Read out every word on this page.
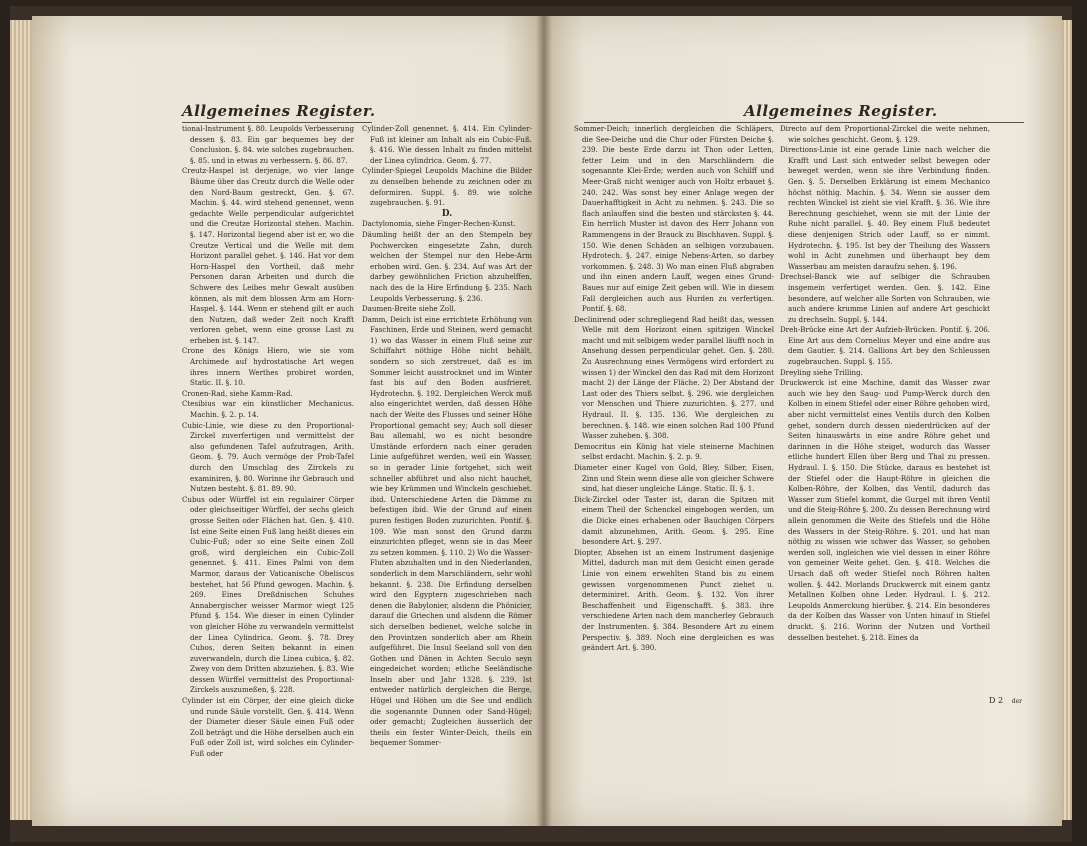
Allgemeines Register.

tional-Instrument §. 80. Leupolds Verbesserung dessen §. 83. Ein gar bequemes bey der Conclusion. §. 84. wie solches zugebrauchen. §. 85. und in etwas zu verbessern. §. 86. 87.

Creutz-Haspel ist derjenige, wo vier lange Bäume über das Creutz durch die Welle oder den Nord-Baum gestreckt, Gen. §. 67. Machin. §. 44. wird stehend genennet, wenn gedachte Welle perpendicular aufgerichtet und die Creutze Horizontal stehen. Machin. §. 147. Horizontal liegend aber ist er, wo die Creutze Vertical und die Welle mit dem Horizont parallel gehet. §. 146. Hat vor dem Horn-Haspel den Vortheil, daß mehr Personen daran Arbeiten und durch die Schwere des Leibes mehr Gewalt ausüben können, als mit dem blossen Arm am Horn-Haspel. §. 144. Wenn er stehend gilt er auch den Nutzen, daß weder Zeit noch Krafft verloren gehet, wenn eine grosse Last zu erheben ist. §. 147.

Crone des Königs Hiero, wie sie vom Archimede auf hydrostatische Art wegen ihres innern Werthes probiret worden, Static. II. §. 10.

Cronen-Rad, siehe Kamm-Rad.

Ctesibius war ein künstlicher Mechanicus. Machin. §. 2. p. 14.

Cubic-Linie, wie diese zu den Proportional-Zirckel zuverfertigen und vermittelst der also gefundenen Tafel aufzutragen, Arith. Geom. §. 79. Auch vermöge der Prob-Tafel durch den Umschlag des Zirckels zu examiniren, §. 80. Worinne ihr Gebrauch und Nutzen besteht. §. 81. 89. 90.

Cubus oder Würffel ist ein regulairer Cörper oder gleichseitiger Würffel, der sechs gleich grosse Seiten oder Flächen hat. Gen. §. 410. Ist eine Seite einen Fuß lang heißt dieses ein Cubic-Fuß; oder so eine Seite einen Zoll groß, wird dergleichen ein Cubic-Zoll genennet. §. 411. Eines Palmi von dem Marmor, daraus der Vaticanische Obeliscus bestehet, hat 56 Pfund gewogen. Machin. §. 269. Eines Dreßdnischen Schuhes Annabergischer weisser Marmor wiegt 125 Pfund §. 154. Wie dieser in einen Cylinder von gleicher Höhe zu verwandeln vermittelst der Linea Cylindrica. Geom. §. 78. Drey Cubos, deren Seiten bekannt in einen zuverwandeln, durch die Linea cubica, §. 82. Zwey von dem Dritten abzuziehen. §. 83. Wie dessen Würffel vermittelst des Proportional-Zirckels auszumeßen, §. 228.

Cylinder ist ein Cörper, der eine gleich dicke und runde Säule vorstellt. Gen. §. 414. Wenn der Diameter dieser Säule einen Fuß oder Zoll beträgt und die Höhe derselben auch ein Fuß oder Zoll ist, wird solches ein Cylinder-Fuß oder

Cylinder-Zoll genennet. §. 414. Ein Cylinder-Fuß ist kleiner am Inhalt als ein Cubic-Fuß. §. 416. Wie dessen Inhalt zu finden mittelst der Linea cylindrica. Geom. §. 77.

Cylinder-Spiegel Leupolds Machine die Bilder zu denselben behende zu zeichnen oder zu deformiren. Suppl. §. 89. wie solche zugebrauchen. §. 91.

D.

Dactylonomia, siehe Finger-Rechen-Kunst.

Däumling heißt der an den Stempeln bey Pochwercken eingesetzte Zahn, durch welchen der Stempel nur den Hebe-Arm erhoben wird. Gen. §. 234. Auf was Art der darbey gewöhnlichen Friction abzuhelffen, nach des de la Hire Erfindung §. 235. Nach Leupolds Verbesserung. §. 236.

Daumen-Breite siehe Zoll.

Damm, Deich ist eine errichtete Erhöhung von Faschinen, Erde und Steinen, werd gemacht 1) wo das Wasser in einem Fluß seine zur Schiffahrt nöthige Höhe nicht behält, sondern so sich zerstreuet, daß es im Sommer leicht ausstrocknet und im Winter fast bis auf den Boden ausfrieret. Hydrotechn. §. 192. Dergleichen Werck muß also eingerichtet werden, daß dessen Höhe nach der Weite des Flusses und seiner Höhe Proportional gemacht sey; Auch soll dieser Bau allemahl, wo es nicht besondre Umstände erfordern nach einer geraden Linie aufgeführet werden, weil ein Wasser, so in gerader Linie fortgehet, sich weit schneller abführet und also nicht hauchet, wie bey Krümmen und Winckeln geschiehet. ibid. Unterschiedene Arten die Dämme zu befestigen ibid. Wie der Grund auf einen puren festigen Boden zuzurichten. Pontif. §. 109. Wie man sonst den Grund darzu einzurichten pfleget, wenn sie in das Meer zu setzen kommen. §. 110. 2) Wo die Wasser-Fluten abzuhalten und in den Niederlanden, sonderlich in dem Marschländern, sehr wohl bekannt. §. 238. Die Erfindung derselben wird den Egyptern zugeschrieben nach denen die Babylonier, alsdenn die Phönicier, darauf die Griechen und alsdenn die Römer sich derselben bedienet, welche solche in den Provintzen sonderlich aber am Rhein aufgeführet. Die Insul Seeland soll von den Gothen und Dänen in Achten Seculo seyn eingedeichet worden; etliche Seeländische Inseln aber und Jahr 1328. §. 239. Ist entweder natürlich dergleichen die Berge, Hügel und Höhen um die See und endlich die sogenannte Dunnen oder Sand-Hügel; oder gemacht; Zugleichen äusserlich der theils ein fester Winter-Deich, theils ein bequemer Sommer-

Allgemeines Register.

Sommer-Deich; innerlich dergleichen die Schläpers, die See-Deiche und die Chur oder Fürsten Deiche §. 239. Die beste Erde darzu ist Thon oder Letten, fetter Leim und in den Marschländern die sogenannte Klei-Erde; werden auch von Schilff und Meer-Graß nicht weniger auch von Holtz erbauet §. 240. 242. Was sonst bey einer Anlage wegen der Dauerhafftigkeit in Acht zu nehmen. §. 243. Die so flach anlauffen sind die besten und stärcksten §. 44. Ein herrlich Muster ist davon des Herr Johann von Rammengens in der Brauck zu Bischhaven. Suppl. §. 150. Wie denen Schäden an selbigen vorzubauen. Hydrotech. §. 247. einige Nebens-Arten, so darbey vorkommen. §. 248. 3) Wo man einen Fluß abgraben und ihn einen andern Lauff, wegen eines Grund-Baues nur auf einige Zeit geben will. Wie in diesem Fall dergleichen auch aus Hurden zu verfertigen. Pontif. §. 68.

Declinirend oder schregliegend Rad heißt das, wessen Welle mit dem Horizont einen spitzigen Winckel macht und mit selbigem weder parallel läufft noch in Ansehung dessen perpendicular gehet. Gen. §. 280. Zu Ausrechnung eines Vermögens wird erfordert zu wissen 1) der Winckel den das Rad mit dem Horizont macht 2) der Länge der Fläche. 2) Der Abstand der Last oder des Thiers selbst. §. 296. wie dergleichen vor Menschen und Thiere zuzurichten. §. 277. und Hydraul. II. §. 135. 136. Wie dergleichen zu berechnen. §. 148. wie einen solchen Rad 100 Pfund Wasser zuheben. §. 308.

Democritus ein König hat viele steinerne Machinen selbst erdacht. Machin. §. 2. p. 9.

Diameter einer Kugel von Gold, Bley, Silber, Eisen, Zinn und Stein wenn diese alle von gleicher Schwere sind, hat dieser ungleiche Länge. Static. II. §. 1.

Dick-Zirckel oder Taster ist, daran die Spitzen mit einem Theil der Schenckel eingebogen werden, um die Dicke eines erhabenen oder Bauchigen Cörpers damit abzunehmen, Arith. Geom. §. 295. Eine besondere Art. §. 297.

Diopter, Absehen ist an einem Instrument dasjenige Mittel, dadurch man mit dem Gesicht einen gerade Linie von einem erwehlten Stand bis zu einem gewissen vorgenommenen Punct ziehet u. determiniret. Arith. Geom. §. 132. Von ihrer Beschaffenheit und Eigenschafft. §. 383. ihre verschiedene Arten nach dem mancherley Gebrauch der Instrumenten. §. 384. Besondere Art zu einem Perspectiv. §. 389. Noch eine dergleichen es was geändert Art. §. 390.

Directo auf dem Proportional-Zirckel die weite nehmen, wie solches geschicht. Geom. §. 129.

Directions-Linie ist eine gerade Linie nach welcher die Krafft und Last sich entweder selbst bewegen oder beweget werden, wenn sie ihre Verbindung finden. Gen. §. 5. Derselben Erklärung ist einem Mechanico höchst nöthig. Machin. §. 34. Wenn sie ausser dem rechten Winckel ist zieht sie viel Krafft. §. 36. Wie ihre Berechnung geschiehet, wenn sie mit der Linie der Ruhe nicht parallel. §. 40. Bey einem Fluß bedeutet diese denjenigen Strich oder Lauff, so er nimmt. Hydrotechn. §. 195. Ist bey der Theilung des Wassers wohl in Acht zunehmen und überhaupt bey dem Wasserbau am meisten daraufzu sehen. §. 196.

Drechsel-Banck wie auf selbiger die Schrauben insgemein verfertiget werden. Gen. §. 142. Eine besondere, auf welcher alle Sorten von Schrauben, wie auch andere krumme Linien auf andere Art geschickt zu drechseln. Suppl. §. 144.

Dreh-Brücke eine Art der Aufzieh-Brücken. Pontif. §. 206. Eine Art aus dem Cornelius Meyer und eine andre aus dem Gautier. §. 214. Gallions Art bey den Schleussen zugebrauchen. Suppl. §. 155.

Dreyling siehe Trilling.

Druckwerck ist eine Machine, damit das Wasser zwar auch wie bey den Saug- und Pump-Werck durch den Kolben in einem Stiefel oder einer Röhre gehoben wird, aber nicht vermittelst eines Ventils durch den Kolben gehet, sondern durch dessen niederdrücken auf der Seiten hinauswärts in eine andre Röhre gehet und darinnen in die Höhe steiget, wodurch das Wasser etliche hundert Ellen über Berg und Thal zu pressen. Hydraul. I. §. 150. Die Stücke, daraus es bestehet ist der Stiefel oder die Haupt-Röhre in gleichen die Kolben-Röhre, der Kolben, das Ventil, dadurch das Wasser zum Stiefel kommt, die Gurgel mit ihren Ventil und die Steig-Röhre §. 200. Zu dessen Berechnung wird allein genommen die Weite des Stiefels und die Höhe des Wassers in der Steig-Röhre. §. 201. und hat man nöthig zu wissen wie schwer das Wasser, so gehoben werden soll, ingleichen wie viel dessen in einer Röhre von gemeiner Weite gehet. Gen. §. 418. Welches die Ursach daß oft weder Stiefel noch Röhren halten wollen. §. 442. Morlands Druckwerck mit einem gantz Metallnen Kolben ohne Leder. Hydraul. I. §. 212. Leupolds Anmerckung hierüber. §. 214. Ein besonderes da der Kolben das Wasser von Unten hinauf in Stiefel druckt. §. 216. Worinn der Nutzen und Vortheil desselben bestehet. §. 218. Eines da

D 2 der
